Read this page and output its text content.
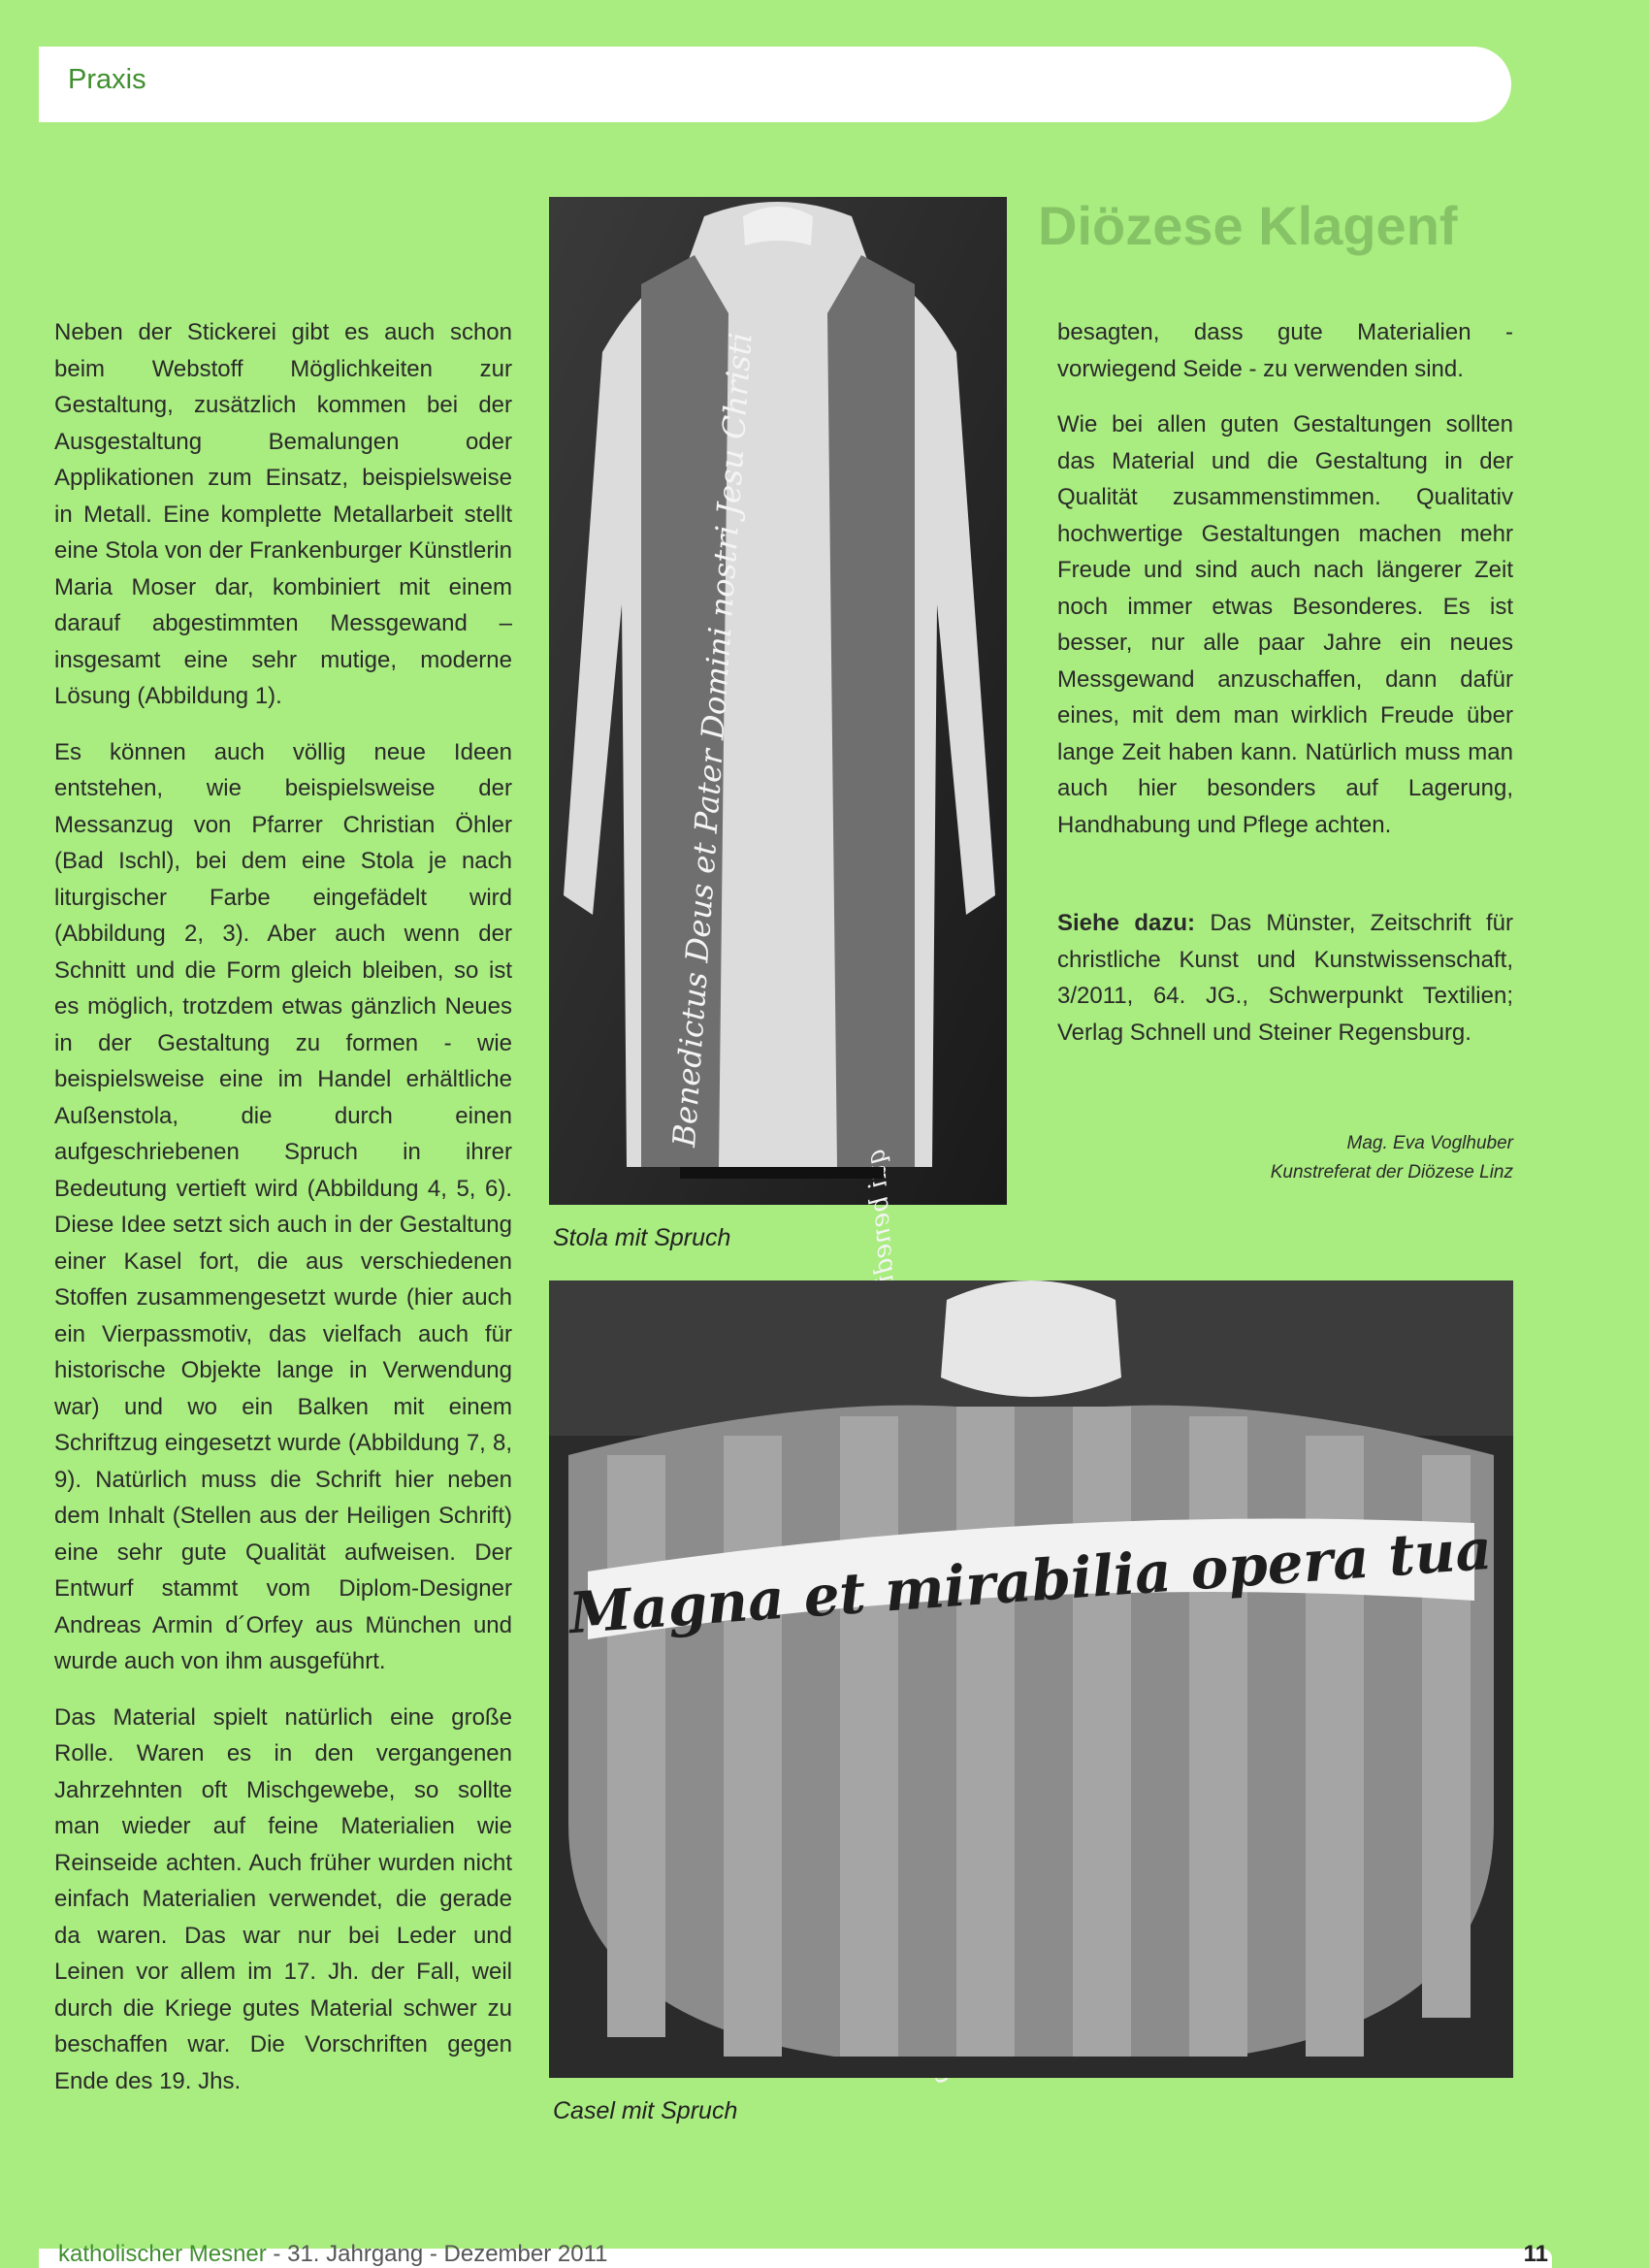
Praxis
Diözese Klagenf

Neben der Stickerei gibt es auch schon beim Webstoff Möglichkeiten zur Gestaltung, zusätzlich kommen bei der Ausgestaltung Bemalungen oder Applikationen zum Einsatz, beispielsweise in Metall. Eine komplette Metallarbeit stellt eine Stola von der Frankenburger Künstlerin Maria Moser dar, kombiniert mit einem darauf abgestimmten Messgewand – insgesamt eine sehr mutige, moderne Lösung (Abbildung 1).

Es können auch völlig neue Ideen entstehen, wie beispielsweise der Messanzug von Pfarrer Christian Öhler (Bad Ischl), bei dem eine Stola je nach liturgischer Farbe eingefädelt wird (Abbildung 2, 3). Aber auch wenn der Schnitt und die Form gleich bleiben, so ist es möglich, trotzdem etwas gänzlich Neues in der Gestaltung zu formen - wie beispielsweise eine im Handel erhältliche Außenstola, die durch einen aufgeschriebenen Spruch in ihrer Bedeutung vertieft wird (Abbildung 4, 5, 6). Diese Idee setzt sich auch in der Gestaltung einer Kasel fort, die aus verschiedenen Stoffen zusammengesetzt wurde (hier auch ein Vierpassmotiv, das vielfach auch für historische Objekte lange in Verwendung war) und wo ein Balken mit einem Schriftzug eingesetzt wurde (Abbildung 7, 8, 9). Natürlich muss die Schrift hier neben dem Inhalt (Stellen aus der Heiligen Schrift) eine sehr gute Qualität aufweisen. Der Entwurf stammt vom Diplom-Designer Andreas Armin d´Orfey aus München und wurde auch von ihm ausgeführt.

Das Material spielt natürlich eine große Rolle. Waren es in den vergangenen Jahrzehnten oft Mischgewebe, so sollte man wieder auf feine Materialien wie Reinseide achten. Auch früher wurden nicht einfach Materialien verwendet, die gerade da waren. Das war nur bei Leder und Leinen vor allem im 17. Jh. der Fall, weil durch die Kriege gutes Material schwer zu beschaffen war. Die Vorschriften gegen Ende des 19. Jhs.

Benedictus Deus et Pater Domini nostri Jesu Christi
Stola mit Spruch

besagten, dass gute Materialien - vorwiegend Seide - zu verwenden sind.

Wie bei allen guten Gestaltungen sollten das Material und die Gestaltung in der Qualität zusammenstimmen. Qualitativ hochwertige Gestaltungen machen mehr Freude und sind auch nach längerer Zeit noch immer etwas Besonderes. Es ist besser, nur alle paar Jahre ein neues Messgewand anzuschaffen, dann dafür eines, mit dem man wirklich Freude über lange Zeit haben kann. Natürlich muss man auch hier besonders auf Lagerung, Handhabung und Pflege achten.

Siehe dazu: Das Münster, Zeitschrift für christliche Kunst und Kunstwissenschaft, 3/2011, 64. JG., Schwerpunkt Textilien; Verlag Schnell und Steiner Regensburg.

Mag. Eva Voglhuber
Kunstreferat der Diözese Linz
Magna et mirabilia opera tua
Casel mit Spruch
katholischer Mesner - 31. Jahrgang - Dezember 2011	11
